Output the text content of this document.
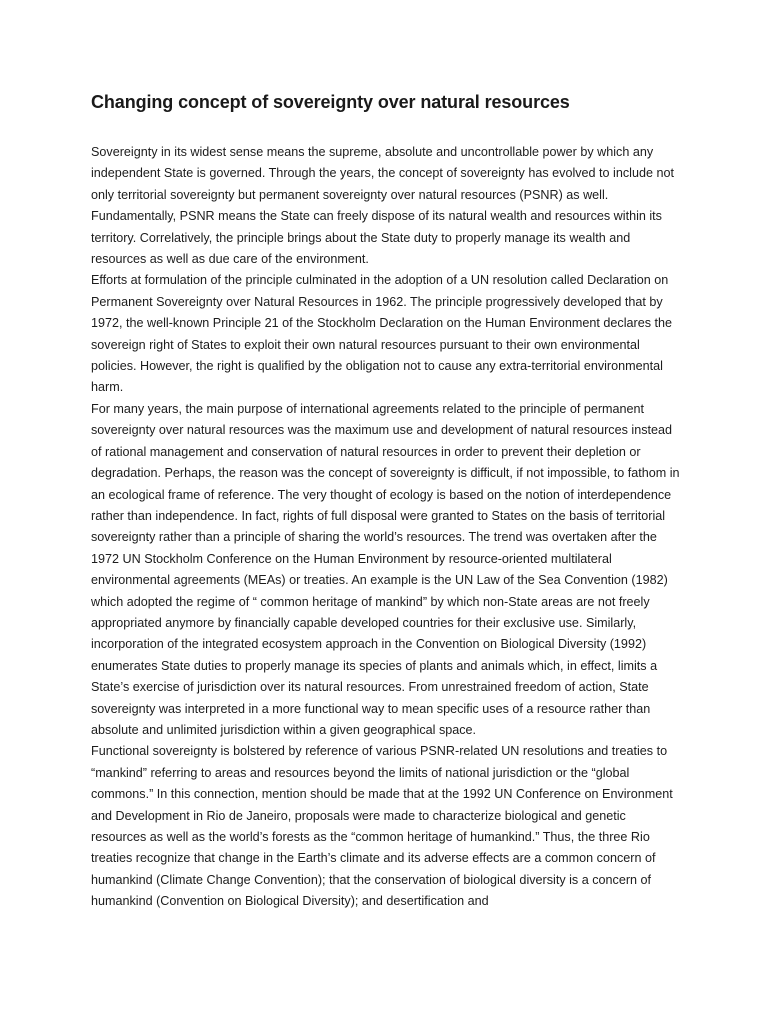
Changing concept of sovereignty over natural resources

Sovereignty in its widest sense means the supreme, absolute and uncontrollable power by which any independent State is governed. Through the years, the concept of sovereignty has evolved to include not only territorial sovereignty but permanent sovereignty over natural resources (PSNR) as well. Fundamentally, PSNR means the State can freely dispose of its natural wealth and resources within its territory. Correlatively, the principle brings about the State duty to properly manage its wealth and resources as well as due care of the environment.

Efforts at formulation of the principle culminated in the adoption of a UN resolution called Declaration on Permanent Sovereignty over Natural Resources in 1962. The principle progressively developed that by 1972, the well-known Principle 21 of the Stockholm Declaration on the Human Environment declares the sovereign right of States to exploit their own natural resources pursuant to their own environmental policies. However, the right is qualified by the obligation not to cause any extra-territorial environmental harm.

For many years, the main purpose of international agreements related to the principle of permanent sovereignty over natural resources was the maximum use and development of natural resources instead of rational management and conservation of natural resources in order to prevent their depletion or degradation. Perhaps, the reason was the concept of sovereignty is difficult, if not impossible, to fathom in an ecological frame of reference. The very thought of ecology is based on the notion of interdependence rather than independence. In fact, rights of full disposal were granted to States on the basis of territorial sovereignty rather than a principle of sharing the world’s resources. The trend was overtaken after the 1972 UN Stockholm Conference on the Human Environment by resource-oriented multilateral environmental agreements (MEAs) or treaties. An example is the UN Law of the Sea Convention (1982) which adopted the regime of “ common heritage of mankind” by which non-State areas are not freely appropriated anymore by financially capable developed countries for their exclusive use. Similarly, incorporation of the integrated ecosystem approach in the Convention on Biological Diversity (1992) enumerates State duties to properly manage its species of plants and animals which, in effect, limits a State’s exercise of jurisdiction over its natural resources. From unrestrained freedom of action, State sovereignty was interpreted in a more functional way to mean specific uses of a resource rather than absolute and unlimited jurisdiction within a given geographical space.

Functional sovereignty is bolstered by reference of various PSNR-related UN resolutions and treaties to “mankind” referring to areas and resources beyond the limits of national jurisdiction or the “global commons.” In this connection, mention should be made that at the 1992 UN Conference on Environment and Development in Rio de Janeiro, proposals were made to characterize biological and genetic resources as well as the world’s forests as the “common heritage of humankind.” Thus, the three Rio treaties recognize that change in the Earth’s climate and its adverse effects are a common concern of humankind (Climate Change Convention); that the conservation of biological diversity is a concern of humankind (Convention on Biological Diversity); and desertification and
